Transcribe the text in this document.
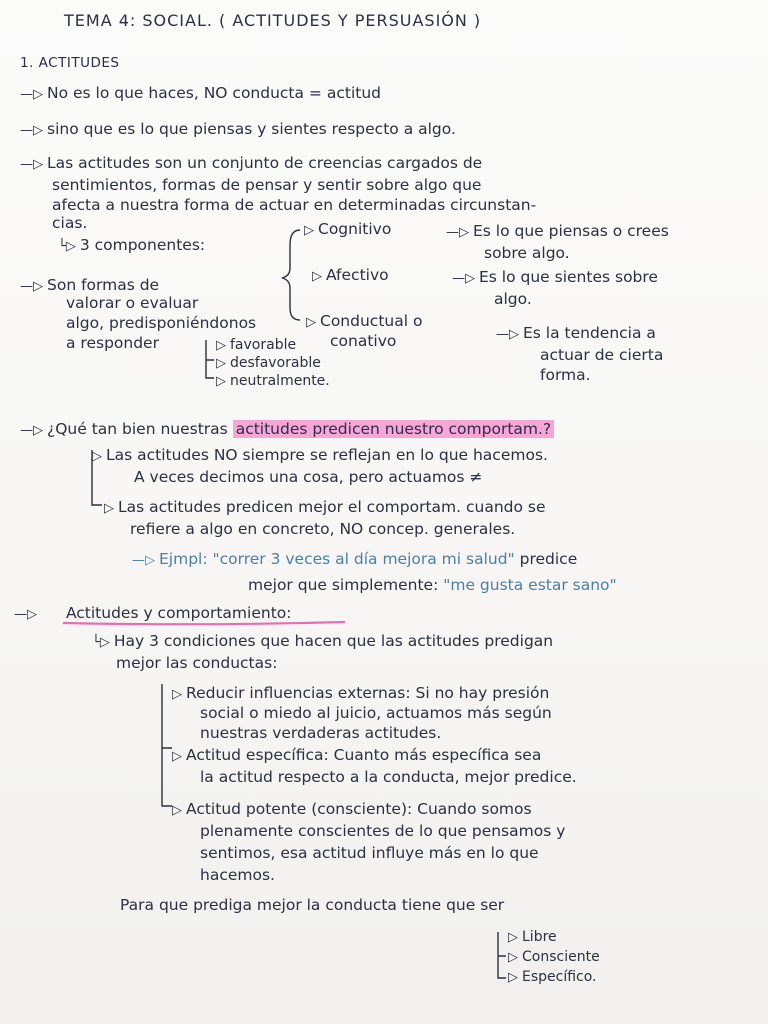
TEMA 4: SOCIAL. ( ACTITUDES Y PERSUASIÓN )
1. ACTITUDES
—▷ No es lo que haces, NO conducta = actitud
—▷ sino que es lo que piensas y sientes respecto a algo.
—▷ Las actitudes son un conjunto de creencias cargados de
sentimientos, formas de pensar y sentir sobre algo que
afecta a nuestra forma de actuar en determinadas circunstan-
cias.
└▷ 3 componentes:
▷ Cognitivo	—▷ Es lo que piensas o crees
sobre algo.
▷ Afectivo	—▷ Es lo que sientes sobre
algo.
—▷ Son formas de
valorar o evaluar
algo, predisponiéndonos
a responder
▷ Conductual o
conativo	—▷ Es la tendencia a
actuar de cierta
forma.
▷ favorable
▷ desfavorable
▷ neutralmente.
—▷ ¿Qué tan bien nuestras actitudes predicen nuestro comportam.?
▷ Las actitudes NO siempre se reflejan en lo que hacemos.
A veces decimos una cosa, pero actuamos ≠
▷ Las actitudes predicen mejor el comportam. cuando se
refiere a algo en concreto, NO concep. generales.
—▷ Ejmpl: "correr 3 veces al día mejora mi salud" predice
mejor que simplemente: "me gusta estar sano"
—▷ Actitudes y comportamiento:
└▷ Hay 3 condiciones que hacen que las actitudes predigan
mejor las conductas:
▷ Reducir influencias externas: Si no hay presión
social o miedo al juicio, actuamos más según
nuestras verdaderas actitudes.
▷ Actitud específica: Cuanto más específica sea
la actitud respecto a la conducta, mejor predice.
▷ Actitud potente (consciente): Cuando somos
plenamente conscientes de lo que pensamos y
sentimos, esa actitud influye más en lo que
hacemos.
Para que prediga mejor la conducta tiene que ser
▷ Libre
▷ Consciente
▷ Específico.
